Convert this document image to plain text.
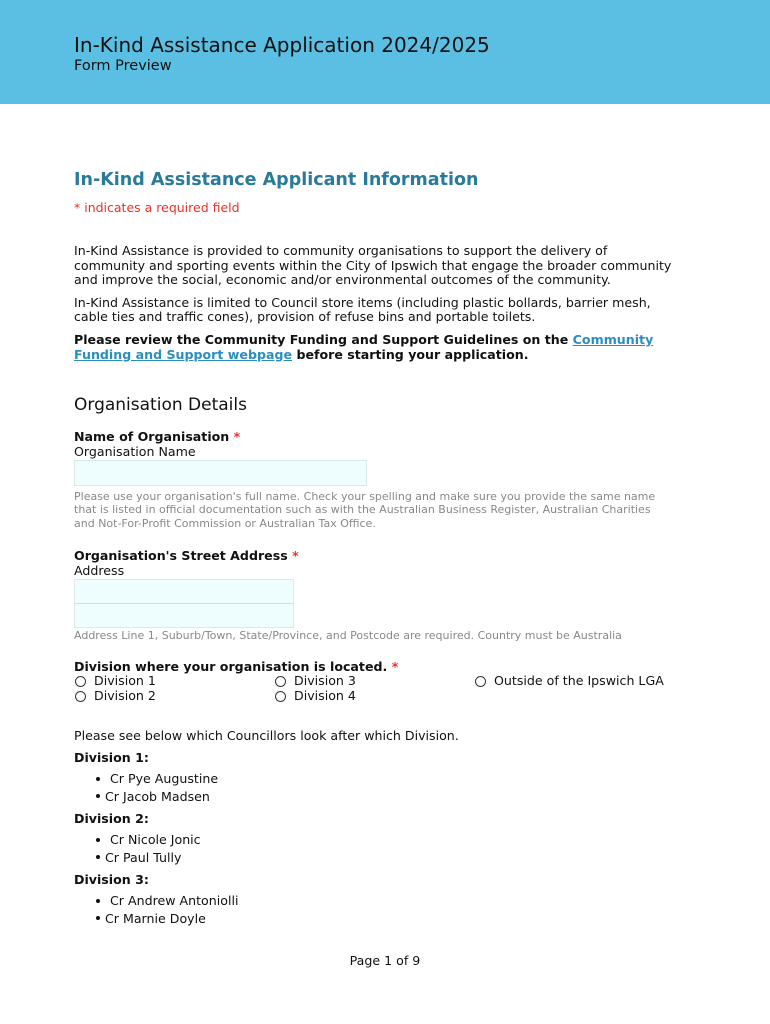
In-Kind Assistance Application 2024/2025
Form Preview
In-Kind Assistance Applicant Information
* indicates a required field

In-Kind Assistance is provided to community organisations to support the delivery of community and sporting events within the City of Ipswich that engage the broader community and improve the social, economic and/or environmental outcomes of the community.

In-Kind Assistance is limited to Council store items (including plastic bollards, barrier mesh, cable ties and traffic cones), provision of refuse bins and portable toilets.

Please review the Community Funding and Support Guidelines on the Community Funding and Support webpage before starting your application.

Organisation Details
Name of Organisation *
Organisation Name
Please use your organisation's full name. Check your spelling and make sure you provide the same name that is listed in official documentation such as with the Australian Business Register, Australian Charities and Not-For-Profit Commission or Australian Tax Office.
Organisation's Street Address *
Address
Address Line 1, Suburb/Town, State/Province, and Postcode are required. Country must be Australia
Division where your organisation is located. *
Division 1
Division 2
Division 3
Division 4
Outside of the Ipswich LGA
Please see below which Councillors look after which Division.
Division 1:
Cr Pye Augustine
Cr Jacob Madsen
Division 2:
Cr Nicole Jonic
Cr Paul Tully
Division 3:
Cr Andrew Antoniolli
Cr Marnie Doyle
Page 1 of 9
